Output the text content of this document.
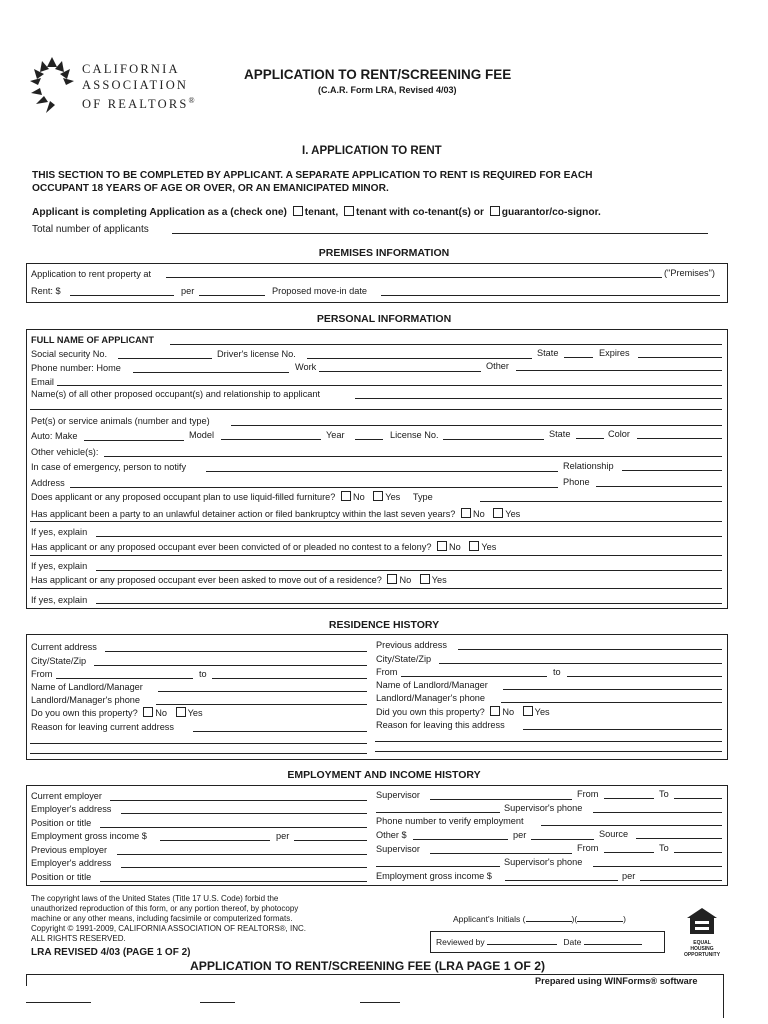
CALIFORNIA
ASSOCIATION
OF REALTORS®
APPLICATION TO RENT/SCREENING FEE
(C.A.R. Form LRA, Revised 4/03)
I. APPLICATION TO RENT
THIS SECTION TO BE COMPLETED BY APPLICANT. A SEPARATE APPLICATION TO RENT IS REQUIRED FOR EACH
OCCUPANT 18 YEARS OF AGE OR OVER, OR AN EMANICIPATED MINOR.
Applicant is completing Application as a (check one) tenant, tenant with co-tenant(s) or guarantor/co-signor.
Total number of applicants
PREMISES INFORMATION
Application to rent property at	("Premises")
Rent: $	per	Proposed move-in date
PERSONAL INFORMATION
FULL NAME OF APPLICANT
Social security No.	Driver's license No.	State	Expires
Phone number: Home	Work	Other
Email
Name(s) of all other proposed occupant(s) and relationship to applicant
Pet(s) or service animals (number and type)
Auto: Make	Model	Year	License No.	State	Color
Other vehicle(s):
In case of emergency, person to notify	Relationship
Address	Phone
Does applicant or any proposed occupant plan to use liquid-filled furniture? No Yes Type
Has applicant been a party to an unlawful detainer action or filed bankruptcy within the last seven years? No Yes
If yes, explain
Has applicant or any proposed occupant ever been convicted of or pleaded no contest to a felony? No Yes
If yes, explain
Has applicant or any proposed occupant ever been asked to move out of a residence? No Yes
If yes, explain
RESIDENCE HISTORY
Current address
City/State/Zip
From	to
Name of Landlord/Manager
Landlord/Manager's phone
Do you own this property? No Yes
Reason for leaving current address
Previous address
City/State/Zip
From	to
Name of Landlord/Manager
Landlord/Manager's phone
Did you own this property? No Yes
Reason for leaving this address
EMPLOYMENT AND INCOME HISTORY
Current employer
Employer's address
Position or title
Employment gross income $	per
Previous employer
Employer's address
Position or title
Supervisor	From	To
Supervisor's phone
Phone number to verify employment
Other $	per	Source
Supervisor	From	To
Supervisor's phone
Employment gross income $	per
The copyright laws of the United States (Title 17 U.S. Code) forbid the
unauthorized reproduction of this form, or any portion thereof, by photocopy
machine or any other means, including facsimile or computerized formats.
Copyright © 1991-2009, CALIFORNIA ASSOCIATION OF REALTORS®, INC.
ALL RIGHTS RESERVED.
LRA REVISED 4/03 (PAGE 1 OF 2)
Applicant's Initials (	)(	)
Reviewed by	Date	EQUAL HOUSING
OPPORTUNITY
APPLICATION TO RENT/SCREENING FEE (LRA PAGE 1 OF 2)
Prepared using WINForms® software
